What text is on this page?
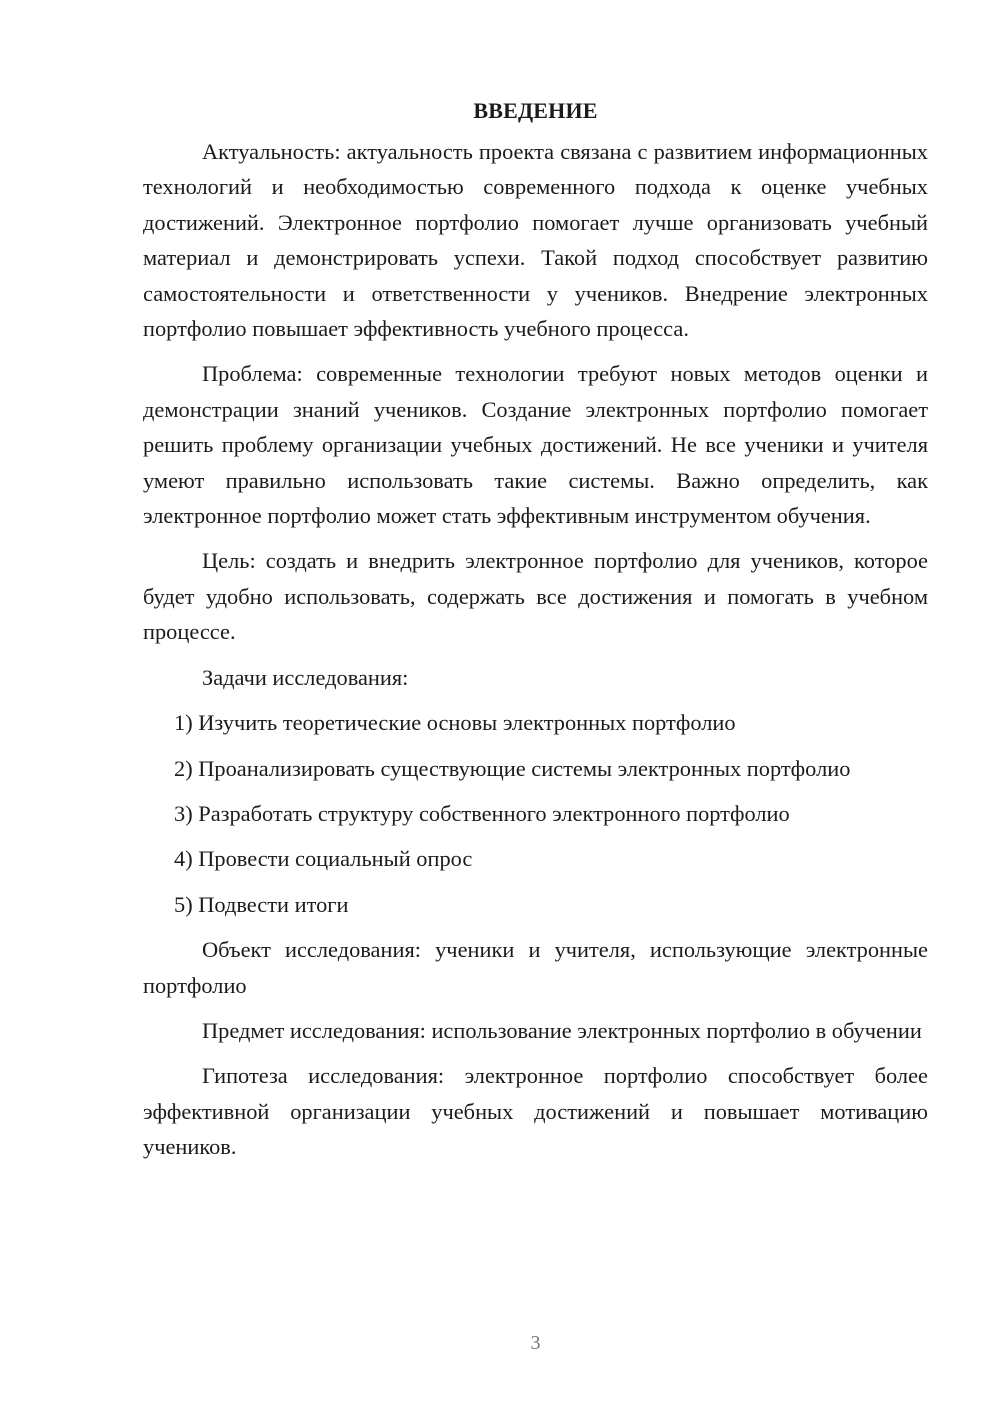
ВВЕДЕНИЕ

Актуальность: актуальность проекта связана с развитием информационных технологий и необходимостью современного подхода к оценке учебных достижений. Электронное портфолио помогает лучше организовать учебный материал и демонстрировать успехи. Такой подход способствует развитию самостоятельности и ответственности у учеников. Внедрение электронных портфолио повышает эффективность учебного процесса.

Проблема: современные технологии требуют новых методов оценки и демонстрации знаний учеников. Создание электронных портфолио помогает решить проблему организации учебных достижений. Не все ученики и учителя умеют правильно использовать такие системы. Важно определить, как электронное портфолио может стать эффективным инструментом обучения.

Цель: создать и внедрить электронное портфолио для учеников, которое будет удобно использовать, содержать все достижения и помогать в учебном процессе.

Задачи исследования:

1) Изучить теоретические основы электронных портфолио
2) Проанализировать существующие системы электронных портфолио
3) Разработать структуру собственного электронного портфолио
4) Провести социальный опрос
5) Подвести итоги

Объект исследования: ученики и учителя, использующие электронные портфолио

Предмет исследования: использование электронных портфолио в обучении

Гипотеза исследования: электронное портфолио способствует более эффективной организации учебных достижений и повышает мотивацию учеников.

3
